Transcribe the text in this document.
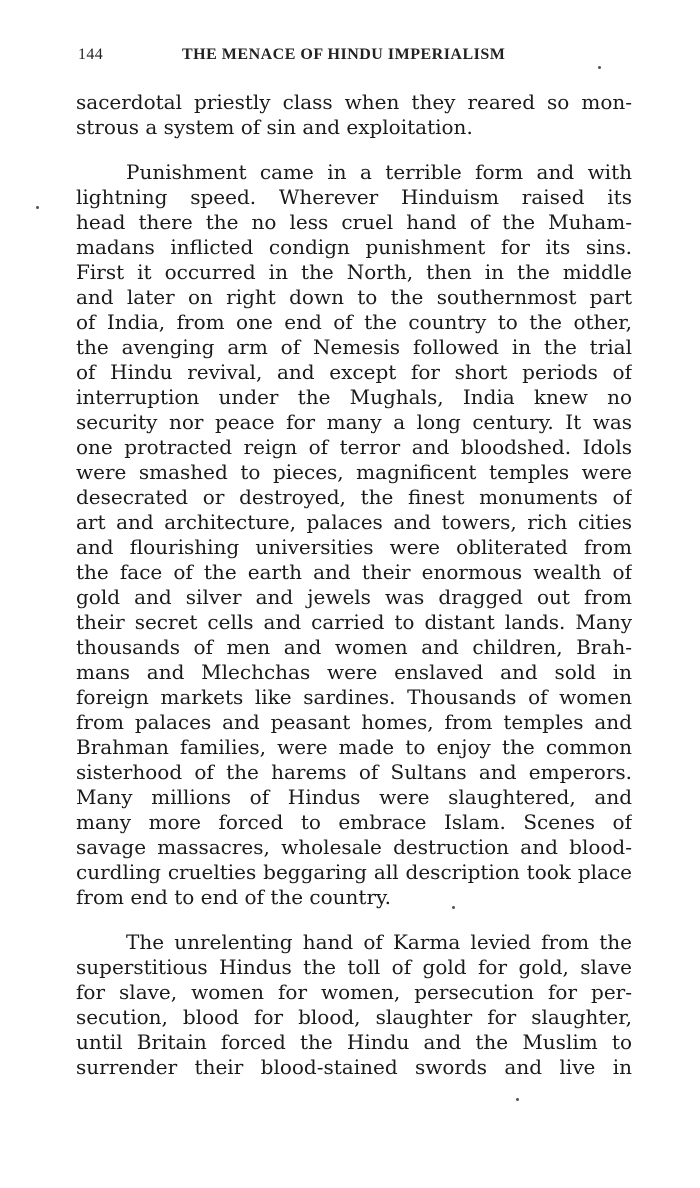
144	THE MENACE OF HINDU IMPERIALISM
sacerdotal priestly class when they reared so mon-
strous a system of sin and exploitation.
Punishment came in a terrible form and with
lightning speed. Wherever Hinduism raised its
head there the no less cruel hand of the Muham-
madans inflicted condign punishment for its sins.
First it occurred in the North, then in the middle
and later on right down to the southernmost part
of India, from one end of the country to the other,
the avenging arm of Nemesis followed in the trial
of Hindu revival, and except for short periods of
interruption under the Mughals, India knew no
security nor peace for many a long century. It was
one protracted reign of terror and bloodshed. Idols
were smashed to pieces, magnificent temples were
desecrated or destroyed, the finest monuments of
art and architecture, palaces and towers, rich cities
and flourishing universities were obliterated from
the face of the earth and their enormous wealth of
gold and silver and jewels was dragged out from
their secret cells and carried to distant lands. Many
thousands of men and women and children, Brah-
mans and Mlechchas were enslaved and sold in
foreign markets like sardines. Thousands of women
from palaces and peasant homes, from temples and
Brahman families, were made to enjoy the common
sisterhood of the harems of Sultans and emperors.
Many millions of Hindus were slaughtered, and
many more forced to embrace Islam. Scenes of
savage massacres, wholesale destruction and blood-
curdling cruelties beggaring all description took place
from end to end of the country.
The unrelenting hand of Karma levied from the
superstitious Hindus the toll of gold for gold, slave
for slave, women for women, persecution for per-
secution, blood for blood, slaughter for slaughter,
until Britain forced the Hindu and the Muslim to
surrender their blood-stained swords and live in
